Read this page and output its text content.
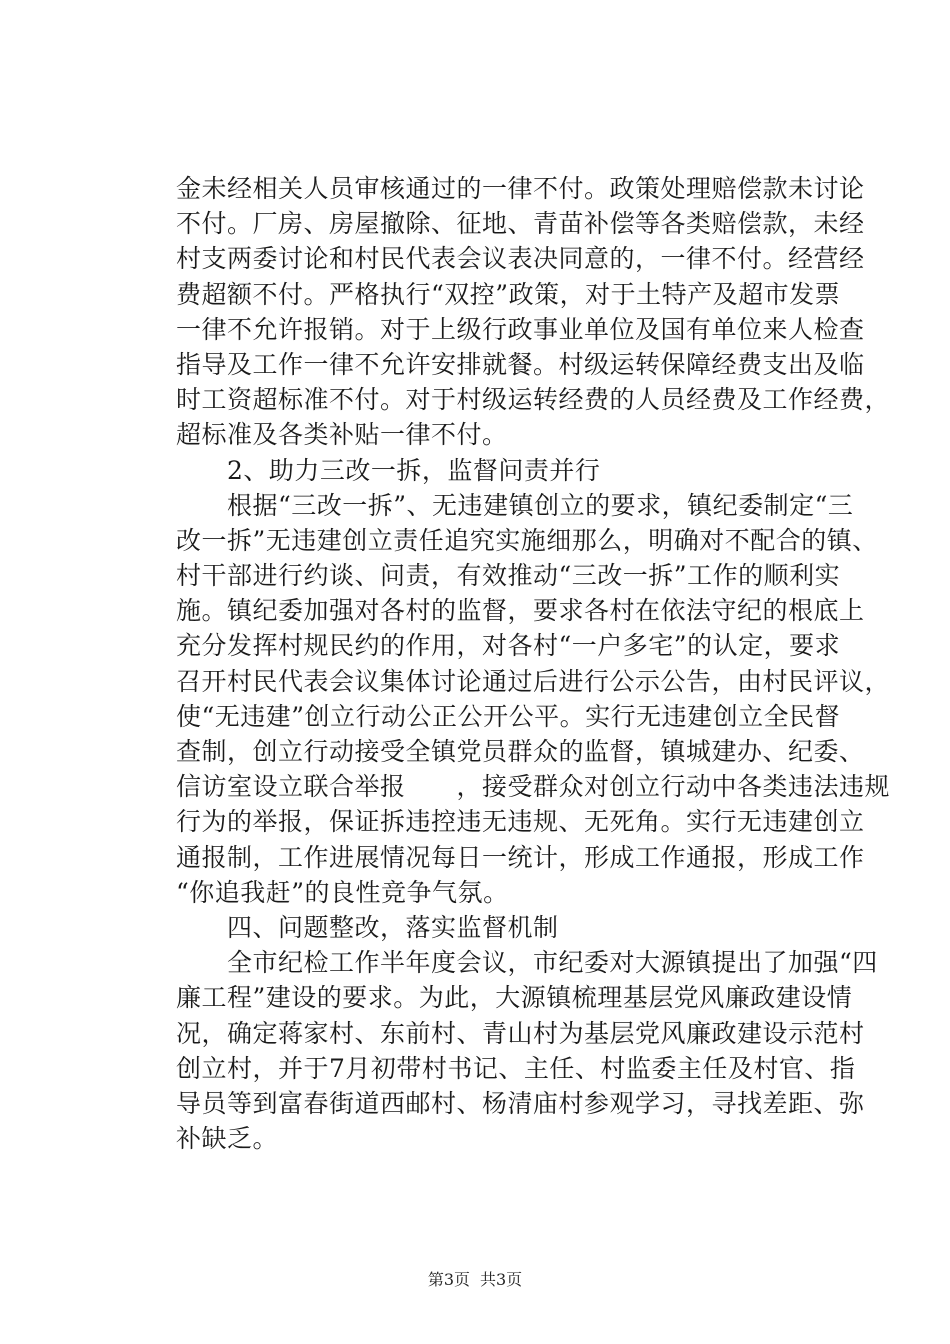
金未经相关人员审核通过的一律不付。政策处理赔偿款未讨论
不付。厂房、房屋撤除、征地、青苗补偿等各类赔偿款，未经
村支两委讨论和村民代表会议表决同意的，一律不付。经营经
费超额不付。严格执行“双控”政策，对于土特产及超市发票
一律不允许报销。对于上级行政事业单位及国有单位来人检查
指导及工作一律不允许安排就餐。村级运转保障经费支出及临
时工资超标准不付。对于村级运转经费的人员经费及工作经费，
超标准及各类补贴一律不付。
　　2、助力三改一拆，监督问责并行
　　根据“三改一拆”、无违建镇创立的要求，镇纪委制定“三
改一拆”无违建创立责任追究实施细那么，明确对不配合的镇、
村干部进行约谈、问责，有效推动“三改一拆”工作的顺利实
施。镇纪委加强对各村的监督，要求各村在依法守纪的根底上
充分发挥村规民约的作用，对各村“一户多宅”的认定，要求
召开村民代表会议集体讨论通过后进行公示公告，由村民评议，
使“无违建”创立行动公正公开公平。实行无违建创立全民督
查制，创立行动接受全镇党员群众的监督，镇城建办、纪委、
信访室设立联合举报　　，接受群众对创立行动中各类违法违规
行为的举报，保证拆违控违无违规、无死角。实行无违建创立
通报制，工作进展情况每日一统计，形成工作通报，形成工作
“你追我赶”的良性竞争气氛。
　　四、问题整改，落实监督机制
　　全市纪检工作半年度会议，市纪委对大源镇提出了加强“四
廉工程”建设的要求。为此，大源镇梳理基层党风廉政建设情
况，确定蒋家村、东前村、青山村为基层党风廉政建设示范村
创立村，并于7月初带村书记、主任、村监委主任及村官、指
导员等到富春街道西邮村、杨清庙村参观学习，寻找差距、弥
补缺乏。
第3页 共3页
